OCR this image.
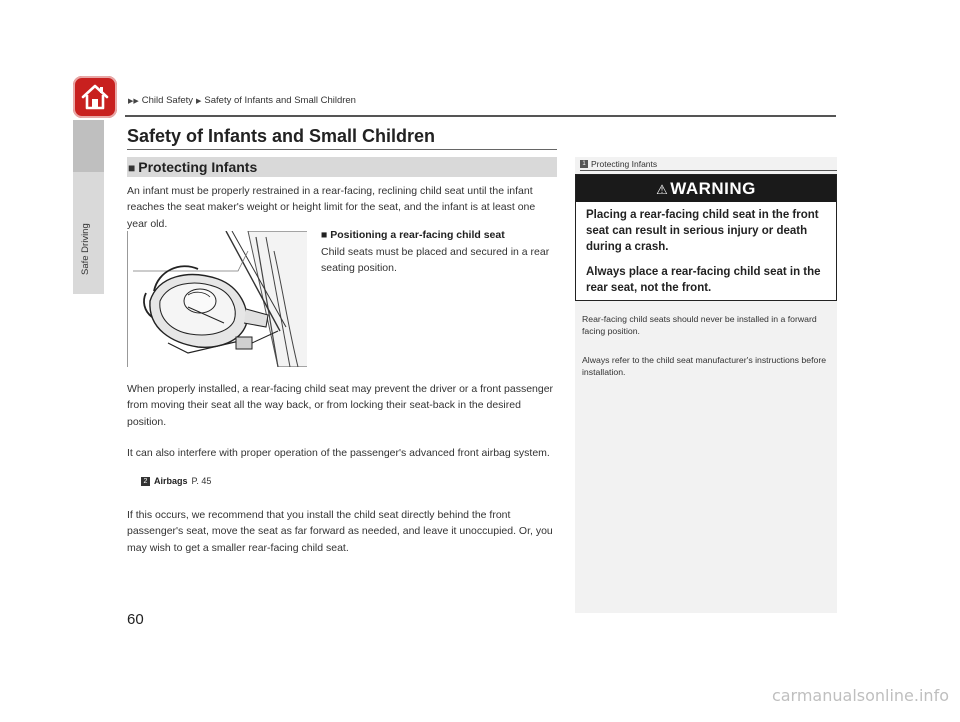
Safe Driving
▶▶ Child Safety ▶ Safety of Infants and Small Children
Safety of Infants and Small Children
■ Protecting Infants
An infant must be properly restrained in a rear-facing, reclining child seat until the infant reaches the seat maker's weight or height limit for the seat, and the infant is at least one year old.
■ Positioning a rear-facing child seat
Child seats must be placed and secured in a rear seating position.
When properly installed, a rear-facing child seat may prevent the driver or a front passenger from moving their seat all the way back, or from locking their seat-back in the desired position.
It can also interfere with proper operation of the passenger's advanced front airbag system.
2 Airbags P. 45
If this occurs, we recommend that you install the child seat directly behind the front passenger's seat, move the seat as far forward as needed, and leave it unoccupied. Or, you may wish to get a smaller rear-facing child seat.
1 Protecting Infants
⚠ WARNING
Placing a rear-facing child seat in the front seat can result in serious injury or death during a crash.
Always place a rear-facing child seat in the rear seat, not the front.
Rear-facing child seats should never be installed in a forward facing position.
Always refer to the child seat manufacturer's instructions before installation.
60
carmanualsonline.info
